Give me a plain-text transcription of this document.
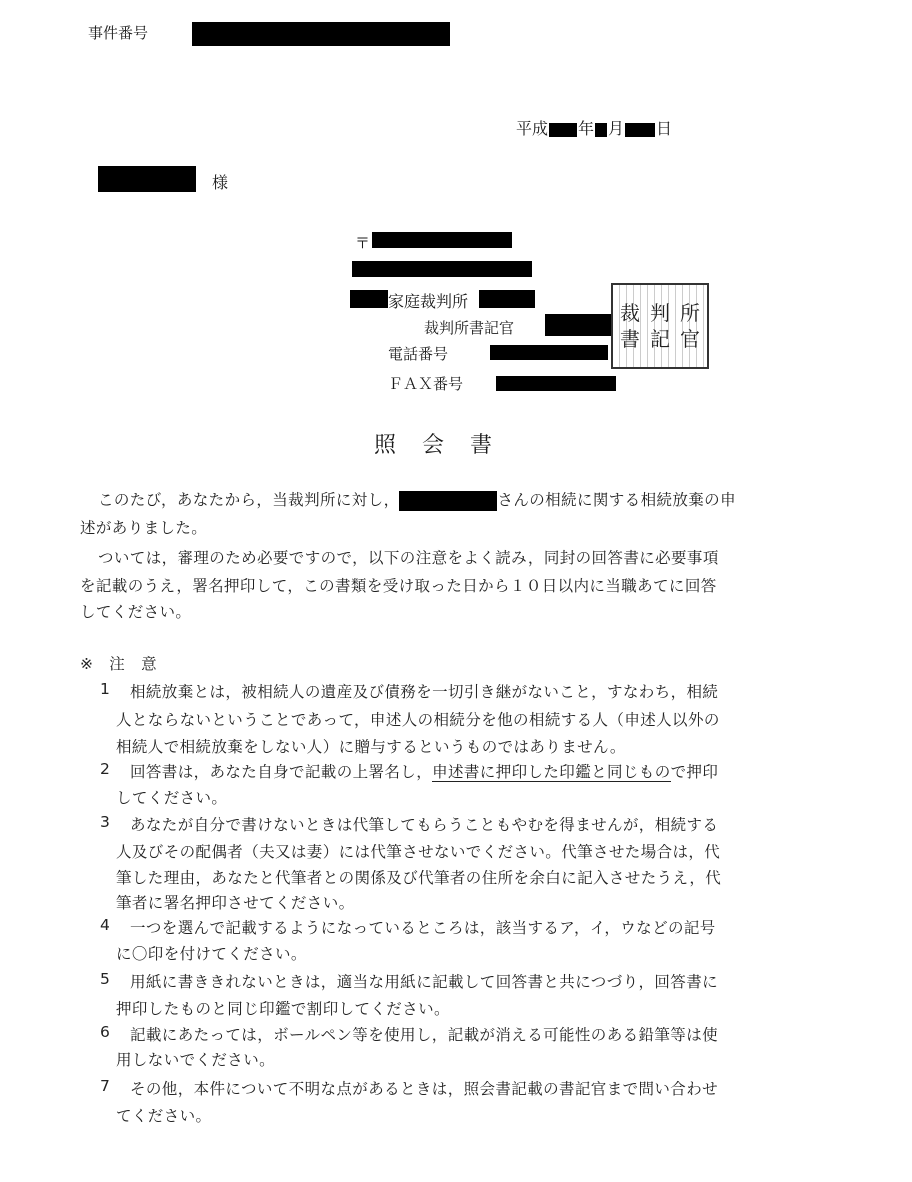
事件番号
平成 年 月 日
様
〒
家庭裁判所
裁判所書記官
電話番号
ＦＡＸ番号
裁 判 所
書 記 官
照会書
このたび，あなたから，当裁判所に対し，	さんの相続に関する相続放棄の申
述がありました。
ついては，審理のため必要ですので，以下の注意をよく読み，同封の回答書に必要事項
を記載のうえ，署名押印して，この書類を受け取った日から１０日以内に当職あてに回答
してください。
※　注　意
1 相続放棄とは，被相続人の遺産及び債務を一切引き継がないこと，すなわち，相続
人とならないということであって，申述人の相続分を他の相続する人（申述人以外の
相続人で相続放棄をしない人）に贈与するというものではありません。
2 回答書は，あなた自身で記載の上署名し，申述書に押印した印鑑と同じもので押印
してください。
3 あなたが自分で書けないときは代筆してもらうこともやむを得ませんが，相続する
人及びその配偶者（夫又は妻）には代筆させないでください。代筆させた場合は，代
筆した理由，あなたと代筆者との関係及び代筆者の住所を余白に記入させたうえ，代
筆者に署名押印させてください。
4 一つを選んで記載するようになっているところは，該当するア，イ，ウなどの記号
に〇印を付けてください。
5 用紙に書ききれないときは，適当な用紙に記載して回答書と共につづり，回答書に
押印したものと同じ印鑑で割印してください。
6 記載にあたっては，ボールペン等を使用し，記載が消える可能性のある鉛筆等は使
用しないでください。
7 その他，本件について不明な点があるときは，照会書記載の書記官まで問い合わせ
てください。
